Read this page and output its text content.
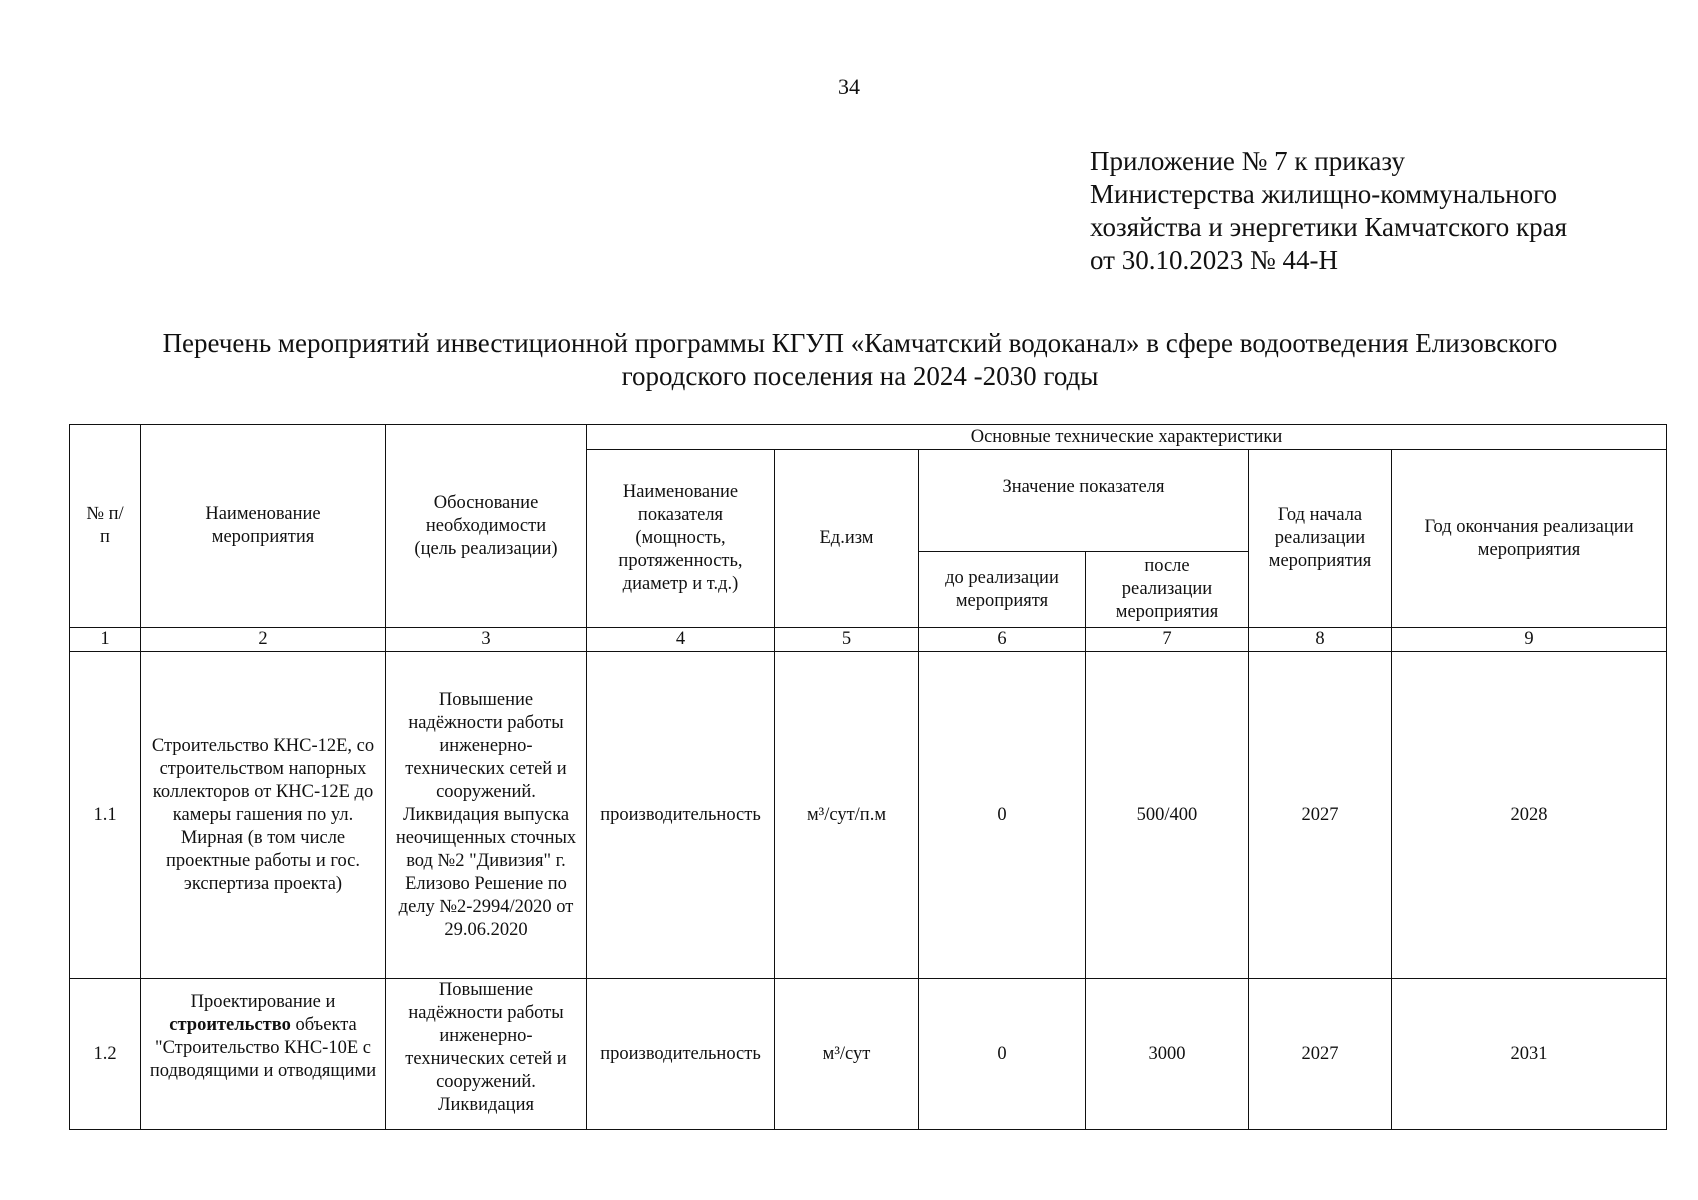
34
Приложение № 7 к приказу
Министерства жилищно-коммунального
хозяйства и энергетики Камчатского края
от 30.10.2023 № 44-Н
Перечень мероприятий инвестиционной программы КГУП «Камчатский водоканал» в сфере водоотведения Елизовского
городского поселения на 2024 -2030 годы
№ п/п	Наименование мероприятия	Обоснование необходимости (цель реализации)	Основные технические характеристики					
			Наименование показателя (мощность, протяженность, диаметр и т.д.)	Ед.изм	Значение показателя		Год начала реализации мероприятия	Год окончания реализации мероприятия
					до реализации мероприятя	после реализации мероприятия		
1	2	3	4	5	6	7	8	9
1.1	Строительство КНС-12Е, со строительством напорных коллекторов от КНС-12Е до камеры гашения по ул. Мирная (в том числе проектные работы и гос. экспертиза проекта)	Повышение надёжности работы инженерно-технических сетей и сооружений. Ликвидация выпуска неочищенных сточных вод №2 "Дивизия" г. Елизово Решение по делу №2-2994/2020 от 29.06.2020	производительность	м³/сут/п.м	0	500/400	2027	2028
1.2	Проектирование и строительство объекта "Строительство КНС-10Е с подводящими и отводящими	Повышение надёжности работы инженерно-технических сетей и сооружений. Ликвидация	производительность	м³/сут	0	3000	2027	2031
